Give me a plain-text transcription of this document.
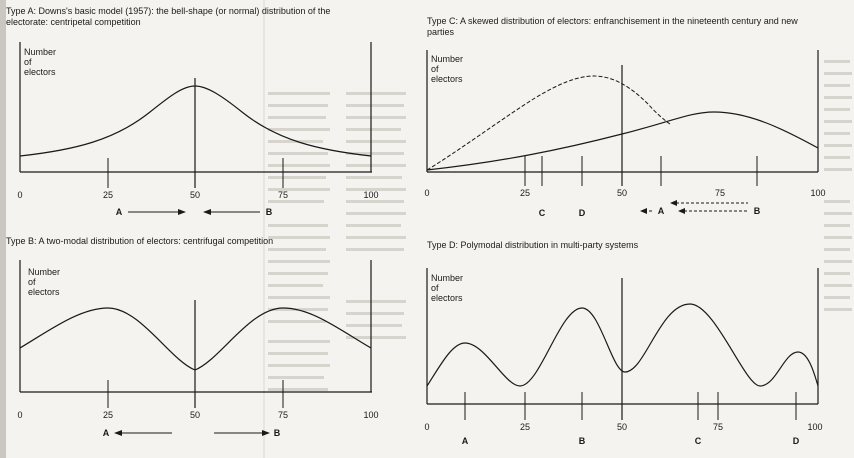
Type A: Downs's basic model (1957): the bell-shape (or normal) distribution of the electorate: centripetal competition
Number of electors
0	25	50	75	100
A	B
Type B: A two-modal distribution of electors: centrifugal competition
Number of electors
0	25	50	75	100
A	B
Type C: A skewed distribution of electors: enfranchisement in the nineteenth century and new parties
Number of electors
0	25	50	75	100
C	D	A	B
Type D: Polymodal distribution in multi-party systems
Number of electors
0	25	50	75	100
A	B	C	D
